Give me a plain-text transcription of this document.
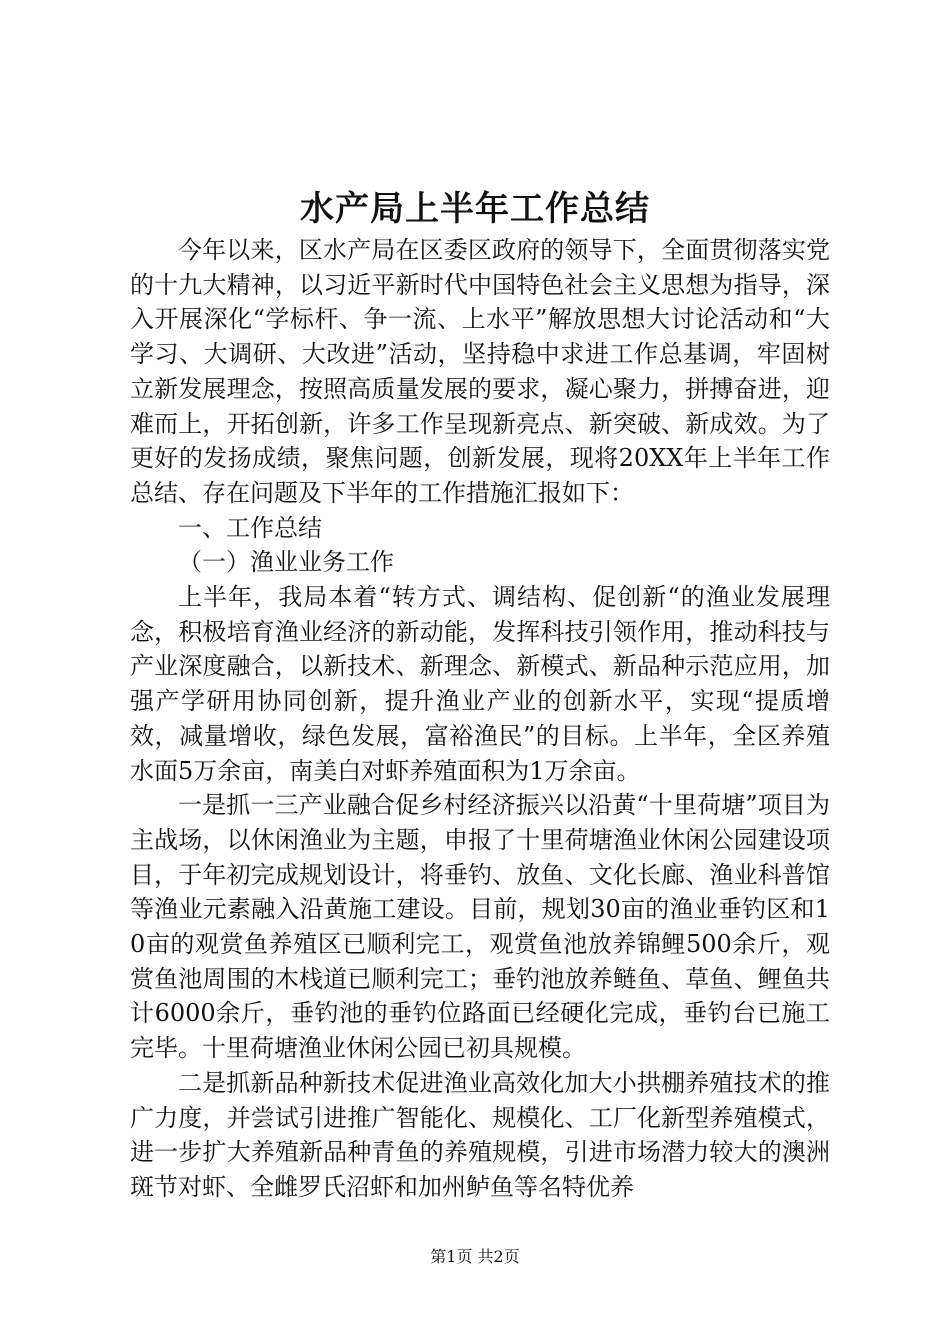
水产局上半年工作总结

今年以来，区水产局在区委区政府的领导下，全面贯彻落实党的十九大精神，以习近平新时代中国特色社会主义思想为指导，深入开展深化“学标杆、争一流、上水平”解放思想大讨论活动和“大学习、大调研、大改进”活动，坚持稳中求进工作总基调，牢固树立新发展理念，按照高质量发展的要求，凝心聚力，拼搏奋进，迎难而上，开拓创新，许多工作呈现新亮点、新突破、新成效。为了更好的发扬成绩，聚焦问题，创新发展，现将20XX年上半年工作总结、存在问题及下半年的工作措施汇报如下：

一、工作总结

（一）渔业业务工作

上半年，我局本着“转方式、调结构、促创新“的渔业发展理念，积极培育渔业经济的新动能，发挥科技引领作用，推动科技与产业深度融合，以新技术、新理念、新模式、新品种示范应用，加强产学研用协同创新，提升渔业产业的创新水平，实现“提质增效，减量增收，绿色发展，富裕渔民”的目标。上半年，全区养殖水面5万余亩，南美白对虾养殖面积为1万余亩。

一是抓一三产业融合促乡村经济振兴以沿黄“十里荷塘”项目为主战场，以休闲渔业为主题，申报了十里荷塘渔业休闲公园建设项目，于年初完成规划设计，将垂钓、放鱼、文化长廊、渔业科普馆等渔业元素融入沿黄施工建设。目前，规划30亩的渔业垂钓区和10亩的观赏鱼养殖区已顺利完工，观赏鱼池放养锦鲤500余斤，观赏鱼池周围的木栈道已顺利完工；垂钓池放养鲢鱼、草鱼、鲤鱼共计6000余斤，垂钓池的垂钓位路面已经硬化完成，垂钓台已施工完毕。十里荷塘渔业休闲公园已初具规模。

二是抓新品种新技术促进渔业高效化加大小拱棚养殖技术的推广力度，并尝试引进推广智能化、规模化、工厂化新型养殖模式，进一步扩大养殖新品种青鱼的养殖规模，引进市场潜力较大的澳洲斑节对虾、全雌罗氏沼虾和加州鲈鱼等名特优养

第1页 共2页
